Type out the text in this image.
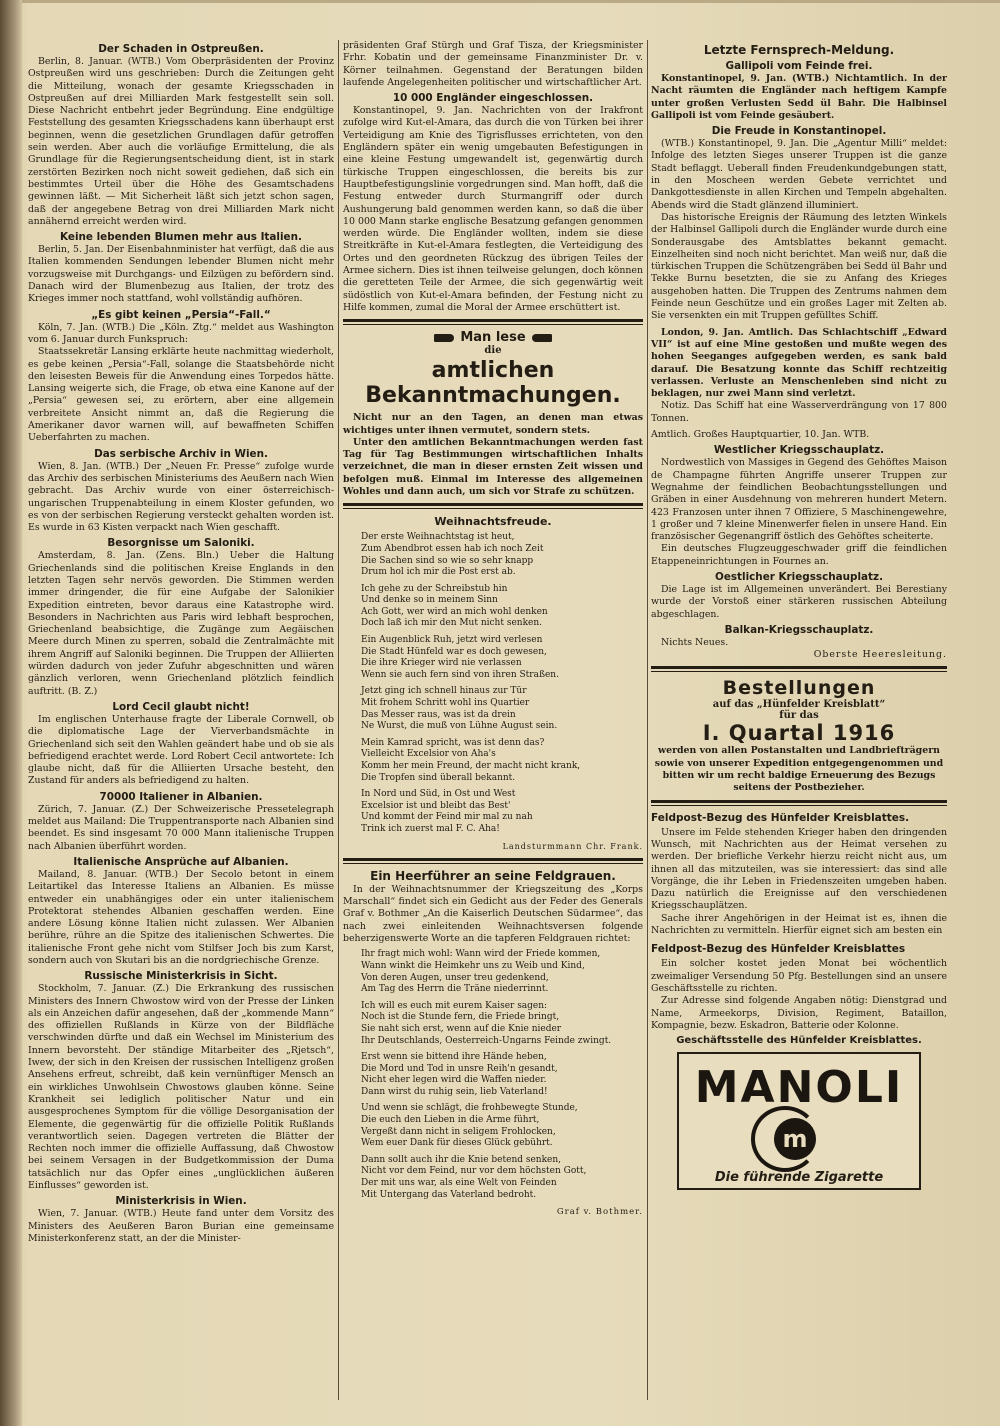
Der Schaden in Ostpreußen.

Berlin, 8. Januar. (WTB.) Vom Oberpräsidenten der Provinz Ostpreußen wird uns geschrieben: Durch die Zeitungen geht die Mitteilung, wonach der gesamte Kriegsschaden in Ostpreußen auf drei Milliarden Mark festgestellt sein soll. Diese Nachricht entbehrt jeder Begründung. Eine endgültige Feststellung des gesamten Kriegsschadens kann überhaupt erst beginnen, wenn die gesetzlichen Grundlagen dafür getroffen sein werden. Aber auch die vorläufige Ermittelung, die als Grundlage für die Regierungsentscheidung dient, ist in stark zerstörten Bezirken noch nicht soweit gediehen, daß sich ein bestimmtes Urteil über die Höhe des Gesamtschadens gewinnen läßt. — Mit Sicherheit läßt sich jetzt schon sagen, daß der angegebene Betrag von drei Milliarden Mark nicht annähernd erreicht werden wird.

Keine lebenden Blumen mehr aus Italien.

Berlin, 5. Jan. Der Eisenbahnminister hat verfügt, daß die aus Italien kommenden Sendungen lebender Blumen nicht mehr vorzugsweise mit Durchgangs- und Eilzügen zu befördern sind. Danach wird der Blumenbezug aus Italien, der trotz des Krieges immer noch stattfand, wohl vollständig aufhören.

„Es gibt keinen „Persia“-Fall.“

Köln, 7. Jan. (WTB.) Die „Köln. Ztg.“ meldet aus Washington vom 6. Januar durch Funkspruch:

Staatssekretär Lansing erklärte heute nachmittag wiederholt, es gebe keinen „Persia“-Fall, solange die Staatsbehörde nicht den leisesten Beweis für die Anwendung eines Torpedos hätte. Lansing weigerte sich, die Frage, ob etwa eine Kanone auf der „Persia“ gewesen sei, zu erörtern, aber eine allgemein verbreitete Ansicht nimmt an, daß die Regierung die Amerikaner davor warnen will, auf bewaffneten Schiffen Ueberfahrten zu machen.

Das serbische Archiv in Wien.

Wien, 8. Jan. (WTB.) Der „Neuen Fr. Presse“ zufolge wurde das Archiv des serbischen Ministeriums des Aeußern nach Wien gebracht. Das Archiv wurde von einer österreichisch-ungarischen Truppenabteilung in einem Kloster gefunden, wo es von der serbischen Regierung versteckt gehalten worden ist. Es wurde in 63 Kisten verpackt nach Wien geschafft.

Besorgnisse um Saloniki.

Amsterdam, 8. Jan. (Zens. Bln.) Ueber die Haltung Griechenlands sind die politischen Kreise Englands in den letzten Tagen sehr nervös geworden. Die Stimmen werden immer dringender, die für eine Aufgabe der Salonikier Expedition eintreten, bevor daraus eine Katastrophe wird. Besonders in Nachrichten aus Paris wird lebhaft besprochen, Griechenland beabsichtige, die Zugänge zum Aegäischen Meere durch Minen zu sperren, sobald die Zentralmächte mit ihrem Angriff auf Saloniki beginnen. Die Truppen der Alliierten würden dadurch von jeder Zufuhr abgeschnitten und wären gänzlich verloren, wenn Griechenland plötzlich feindlich auftritt. (B. Z.)

Lord Cecil glaubt nicht!

Im englischen Unterhause fragte der Liberale Cornwell, ob die diplomatische Lage der Vierverbandsmächte in Griechenland sich seit den Wahlen geändert habe und ob sie als befriedigend erachtet werde. Lord Robert Cecil antwortete: Ich glaube nicht, daß für die Alliierten Ursache besteht, den Zustand für anders als befriedigend zu halten.

70000 Italiener in Albanien.

Zürich, 7. Januar. (Z.) Der Schweizerische Pressetelegraph meldet aus Mailand: Die Truppentransporte nach Albanien sind beendet. Es sind insgesamt 70 000 Mann italienische Truppen nach Albanien überführt worden.

Italienische Ansprüche auf Albanien.

Mailand, 8. Januar. (WTB.) Der Secolo betont in einem Leitartikel das Interesse Italiens an Albanien. Es müsse entweder ein unabhängiges oder ein unter italienischem Protektorat stehendes Albanien geschaffen werden. Eine andere Lösung könne Italien nicht zulassen. Wer Albanien berühre, rühre an die Spitze des italienischen Schwertes. Die italienische Front gehe nicht vom Stilfser Joch bis zum Karst, sondern auch von Skutari bis an die nordgriechische Grenze.

Russische Ministerkrisis in Sicht.

Stockholm, 7. Januar. (Z.) Die Erkrankung des russischen Ministers des Innern Chwostow wird von der Presse der Linken als ein Anzeichen dafür angesehen, daß der „kommende Mann“ des offiziellen Rußlands in Kürze von der Bildfläche verschwinden dürfte und daß ein Wechsel im Ministerium des Innern bevorsteht. Der ständige Mitarbeiter des „Rjetsch“, Iwew, der sich in den Kreisen der russischen Intelligenz großen Ansehens erfreut, schreibt, daß kein vernünftiger Mensch an ein wirkliches Unwohlsein Chwostows glauben könne. Seine Krankheit sei lediglich politischer Natur und ein ausgesprochenes Symptom für die völlige Desorganisation der Elemente, die gegenwärtig für die offizielle Politik Rußlands verantwortlich seien. Dagegen vertreten die Blätter der Rechten noch immer die offizielle Auffassung, daß Chwostow bei seinem Versagen in der Budgetkommission der Duma tatsächlich nur das Opfer eines „unglücklichen äußeren Einflusses“ geworden ist.

Ministerkrisis in Wien.

Wien, 7. Januar. (WTB.) Heute fand unter dem Vorsitz des Ministers des Aeußeren Baron Burian eine gemeinsame Ministerkonferenz statt, an der die Minister-

präsidenten Graf Stürgh und Graf Tisza, der Kriegsminister Frhr. Kobatin und der gemeinsame Finanzminister Dr. v. Körner teilnahmen. Gegenstand der Beratungen bilden laufende Angelegenheiten politischer und wirtschaftlicher Art.

10 000 Engländer eingeschlossen.

Konstantinopel, 9. Jan. Nachrichten von der Irakfront zufolge wird Kut-el-Amara, das durch die von Türken bei ihrer Verteidigung am Knie des Tigrisflusses errichteten, von den Engländern später ein wenig umgebauten Befestigungen in eine kleine Festung umgewandelt ist, gegenwärtig durch türkische Truppen eingeschlossen, die bereits bis zur Hauptbefestigungslinie vorgedrungen sind. Man hofft, daß die Festung entweder durch Sturmangriff oder durch Aushungerung bald genommen werden kann, so daß die über 10 000 Mann starke englische Besatzung gefangen genommen werden würde. Die Engländer wollten, indem sie diese Streitkräfte in Kut-el-Amara festlegten, die Verteidigung des Ortes und den geordneten Rückzug des übrigen Teiles der Armee sichern. Dies ist ihnen teilweise gelungen, doch können die geretteten Teile der Armee, die sich gegenwärtig weit südöstlich von Kut-el-Amara befinden, der Festung nicht zu Hilfe kommen, zumal die Moral der Armee erschüttert ist.

Man lese
die
amtlichen Bekanntmachungen.

Nicht nur an den Tagen, an denen man etwas wichtiges unter ihnen vermutet, sondern stets.

Unter den amtlichen Bekanntmachungen werden fast Tag für Tag Bestimmungen wirtschaftlichen Inhalts verzeichnet, die man in dieser ernsten Zeit wissen und befolgen muß. Einmal im Interesse des allgemeinen Wohles und dann auch, um sich vor Strafe zu schützen.

Weihnachtsfreude.
Der erste Weihnachtstag ist heut,
Zum Abendbrot essen hab ich noch Zeit
Die Sachen sind so wie so sehr knapp
Drum hol ich mir die Post erst ab.
Ich gehe zu der Schreibstub hin
Und denke so in meinem Sinn
Ach Gott, wer wird an mich wohl denken
Doch laß ich mir den Mut nicht senken.
Ein Augenblick Ruh, jetzt wird verlesen
Die Stadt Hünfeld war es doch gewesen,
Die ihre Krieger wird nie verlassen
Wenn sie auch fern sind von ihren Straßen.
Jetzt ging ich schnell hinaus zur Tür
Mit frohem Schritt wohl ins Quartier
Das Messer raus, was ist da drein
Ne Wurst, die muß von Lühne August sein.
Mein Kamrad spricht, was ist denn das?
Vielleicht Excelsior von Aha's
Komm her mein Freund, der macht nicht krank,
Die Tropfen sind überall bekannt.
In Nord und Süd, in Ost und West
Excelsior ist und bleibt das Best'
Und kommt der Feind mir mal zu nah
Trink ich zuerst mal F. C. Aha!
Landsturmmann Chr. Frank.
Ein Heerführer an seine Feldgrauen.

In der Weihnachtsnummer der Kriegszeitung des „Korps Marschall“ findet sich ein Gedicht aus der Feder des Generals Graf v. Bothmer „An die Kaiserlich Deutschen Südarmee“, das nach zwei einleitenden Weihnachtsversen folgende beherzigenswerte Worte an die tapferen Feldgrauen richtet:

Ihr fragt mich wohl: Wann wird der Friede kommen,
Wann winkt die Heimkehr uns zu Weib und Kind,
Von deren Augen, unser treu gedenkend,
Am Tag des Herrn die Träne niederrinnt.
Ich will es euch mit eurem Kaiser sagen:
Noch ist die Stunde fern, die Friede bringt,
Sie naht sich erst, wenn auf die Knie nieder
Ihr Deutschlands, Oesterreich-Ungarns Feinde zwingt.
Erst wenn sie bittend ihre Hände heben,
Die Mord und Tod in unsre Reih'n gesandt,
Nicht eher legen wird die Waffen nieder.
Dann wirst du ruhig sein, lieb Vaterland!
Und wenn sie schlägt, die frohbewegte Stunde,
Die euch den Lieben in die Arme führt,
Vergeßt dann nicht in seligem Frohlocken,
Wem euer Dank für dieses Glück gebührt.
Dann sollt auch ihr die Knie betend senken,
Nicht vor dem Feind, nur vor dem höchsten Gott,
Der mit uns war, als eine Welt von Feinden
Mit Untergang das Vaterland bedroht.
Graf v. Bothmer.
Letzte Fernsprech-Meldung.
Gallipoli vom Feinde frei.

Konstantinopel, 9. Jan. (WTB.) Nichtamtlich. In der Nacht räumten die Engländer nach heftigem Kampfe unter großen Verlusten Sedd ül Bahr. Die Halbinsel Gallipoli ist vom Feinde gesäubert.

Die Freude in Konstantinopel.

(WTB.) Konstantinopel, 9. Jan. Die „Agentur Milli“ meldet: Infolge des letzten Sieges unserer Truppen ist die ganze Stadt beflaggt. Ueberall finden Freudenkundgebungen statt, in den Moscheen werden Gebete verrichtet und Dankgottesdienste in allen Kirchen und Tempeln abgehalten. Abends wird die Stadt glänzend illuminiert.

Das historische Ereignis der Räumung des letzten Winkels der Halbinsel Gallipoli durch die Engländer wurde durch eine Sonderausgabe des Amtsblattes bekannt gemacht. Einzelheiten sind noch nicht berichtet. Man weiß nur, daß die türkischen Truppen die Schützengräben bei Sedd ül Bahr und Tekke Burnu besetzten, die sie zu Anfang des Krieges ausgehoben hatten. Die Truppen des Zentrums nahmen dem Feinde neun Geschütze und ein großes Lager mit Zelten ab. Sie versenkten ein mit Truppen gefülltes Schiff.

London, 9. Jan. Amtlich. Das Schlachtschiff „Edward VII“ ist auf eine Mine gestoßen und mußte wegen des hohen Seeganges aufgegeben werden, es sank bald darauf. Die Besatzung konnte das Schiff rechtzeitig verlassen. Verluste an Menschenleben sind nicht zu beklagen, nur zwei Mann sind verletzt.

Notiz. Das Schiff hat eine Wasserverdrängung von 17 800 Tonnen.

Amtlich. Großes Hauptquartier, 10. Jan. WTB.

Westlicher Kriegsschauplatz.

Nordwestlich von Massiges in Gegend des Gehöftes Maison de Champagne führten Angriffe unserer Truppen zur Wegnahme der feindlichen Beobachtungsstellungen und Gräben in einer Ausdehnung von mehreren hundert Metern. 423 Franzosen unter ihnen 7 Offiziere, 5 Maschinengewehre, 1 großer und 7 kleine Minenwerfer fielen in unsere Hand. Ein französischer Gegenangriff östlich des Gehöftes scheiterte.

Ein deutsches Flugzeuggeschwader griff die feindlichen Etappeneinrichtungen in Fournes an.

Oestlicher Kriegsschauplatz.

Die Lage ist im Allgemeinen unverändert. Bei Berestiany wurde der Vorstoß einer stärkeren russischen Abteilung abgeschlagen.

Balkan-Kriegsschauplatz.

Nichts Neues.

Oberste Heeresleitung.
Bestellungen
auf das „Hünfelder Kreisblatt“
für das
I. Quartal 1916

werden von allen Postanstalten und Landbriefträgern sowie von unserer Expedition entgegengenommen und bitten wir um recht baldige Erneuerung des Bezugs seitens der Postbezieher.

Feldpost-Bezug des Hünfelder Kreisblattes.

Unsere im Felde stehenden Krieger haben den dringenden Wunsch, mit Nachrichten aus der Heimat versehen zu werden. Der briefliche Verkehr hierzu reicht nicht aus, um ihnen all das mitzuteilen, was sie interessiert: das sind alle Vorgänge, die ihr Leben in Friedenszeiten umgeben haben. Dazu natürlich die Ereignisse auf den verschiedenen Kriegsschauplätzen.

Sache ihrer Angehörigen in der Heimat ist es, ihnen die Nachrichten zu vermitteln. Hierfür eignet sich am besten ein

Feldpost-Bezug des Hünfelder Kreisblattes

Ein solcher kostet jeden Monat bei wöchentlich zweimaliger Versendung 50 Pfg. Bestellungen sind an unsere Geschäftsstelle zu richten.

Zur Adresse sind folgende Angaben nötig: Dienstgrad und Name, Armeekorps, Division, Regiment, Bataillon, Kompagnie, bezw. Eskadron, Batterie oder Kolonne.

Geschäftsstelle des Hünfelder Kreisblattes.
MANOLI
m
Die führende Zigarette
